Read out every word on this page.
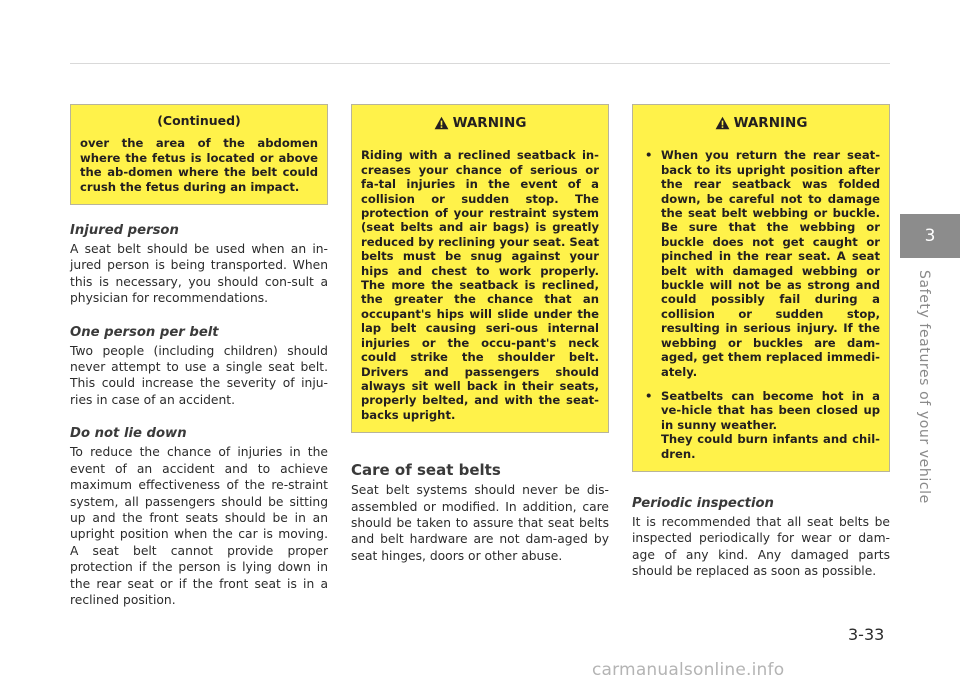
(Continued)

over the area of the abdomen where the fetus is located or above the ab-domen where the belt could crush the fetus during an impact.

Injured person

A seat belt should be used when an in-jured person is being transported. When this is necessary, you should con-sult a physician for recommendations.

One person per belt

Two people (including children) should never attempt to use a single seat belt. This could increase the severity of inju-ries in case of an accident.

Do not lie down

To reduce the chance of injuries in the event of an accident and to achieve maximum effectiveness of the re-straint system, all passengers should be sitting up and the front seats should be in an upright position when the car is moving. A seat belt cannot provide proper protection if the person is lying down in the rear seat or if the front seat is in a reclined position.

WARNING

Riding with a reclined seatback in-creases your chance of serious or fa-tal injuries in the event of a collision or sudden stop. The protection of your restraint system (seat belts and air bags) is greatly reduced by reclining your seat. Seat belts must be snug against your hips and chest to work properly. The more the seatback is reclined, the greater the chance that an occupant's hips will slide under the lap belt causing seri-ous internal injuries or the occu-pant's neck could strike the shoulder belt. Drivers and passengers should always sit well back in their seats, properly belted, and with the seat-backs upright.

Care of seat belts

Seat belt systems should never be dis-assembled or modified. In addition, care should be taken to assure that seat belts and belt hardware are not dam-aged by seat hinges, doors or other abuse.

WARNING
• When you return the rear seat-back to its upright position after the rear seatback was folded down, be careful not to damage the seat belt webbing or buckle. Be sure that the webbing or buckle does not get caught or pinched in the rear seat. A seat belt with damaged webbing or buckle will not be as strong and could possibly fail during a collision or sudden stop, resulting in serious injury. If the webbing or buckles are dam-aged, get them replaced immedi-ately.

• Seatbelts can become hot in a ve-hicle that has been closed up in sunny weather.

They could burn infants and chil-dren.

Periodic inspection

It is recommended that all seat belts be inspected periodically for wear or dam-age of any kind. Any damaged parts should be replaced as soon as possible.

3
Safety features of your vehicle
3-33
carmanualsonline.info
